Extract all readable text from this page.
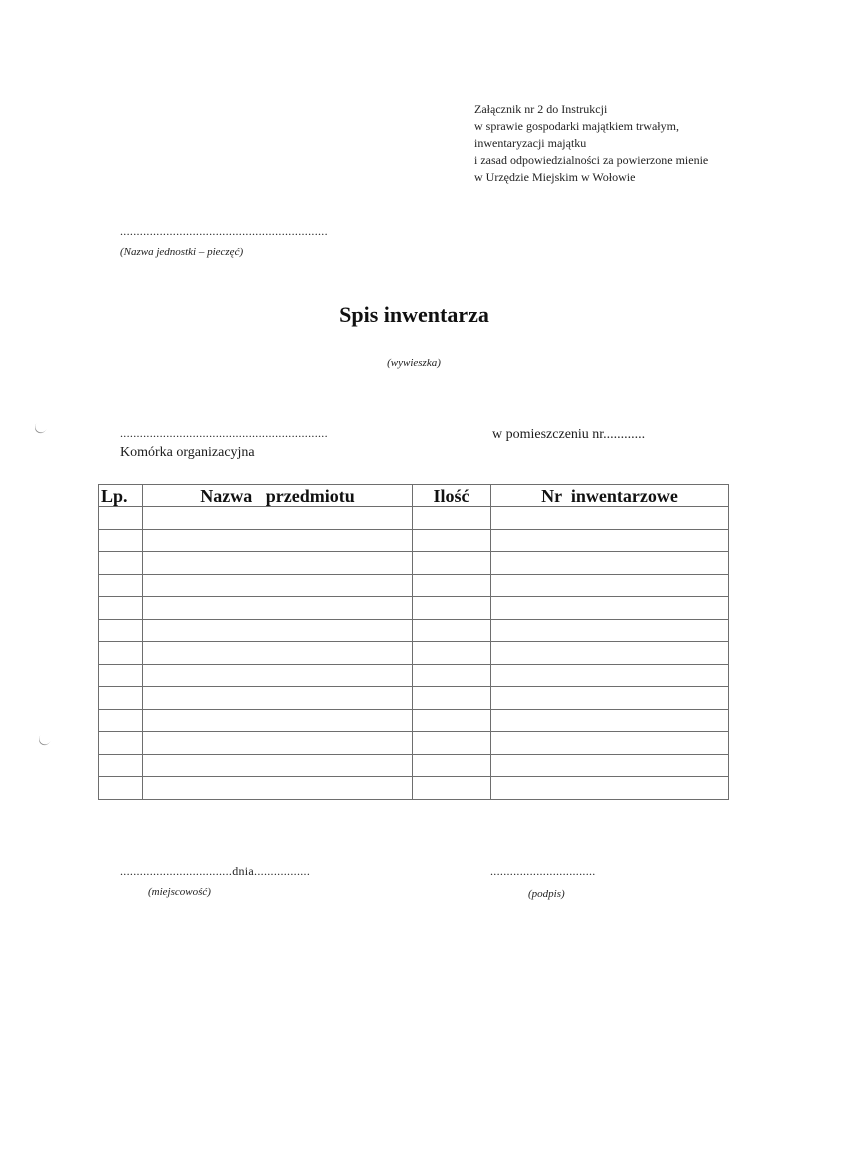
Załącznik nr 2 do Instrukcji
w sprawie gospodarki majątkiem trwałym,
inwentaryzacji majątku
i zasad odpowiedzialności za powierzone mienie
w Urzędzie Miejskim w Wołowie
...............................................................
(Nazwa jednostki – pieczęć)
Spis inwentarza
(wywieszka)
...............................................................
Komórka organizacyjna
w pomieszczeniu nr............
Lp.	Nazwa   przedmiotu	Ilość	Nr  inwentarzowe

..................................dnia.................
(miejscowość)
................................
(podpis)
